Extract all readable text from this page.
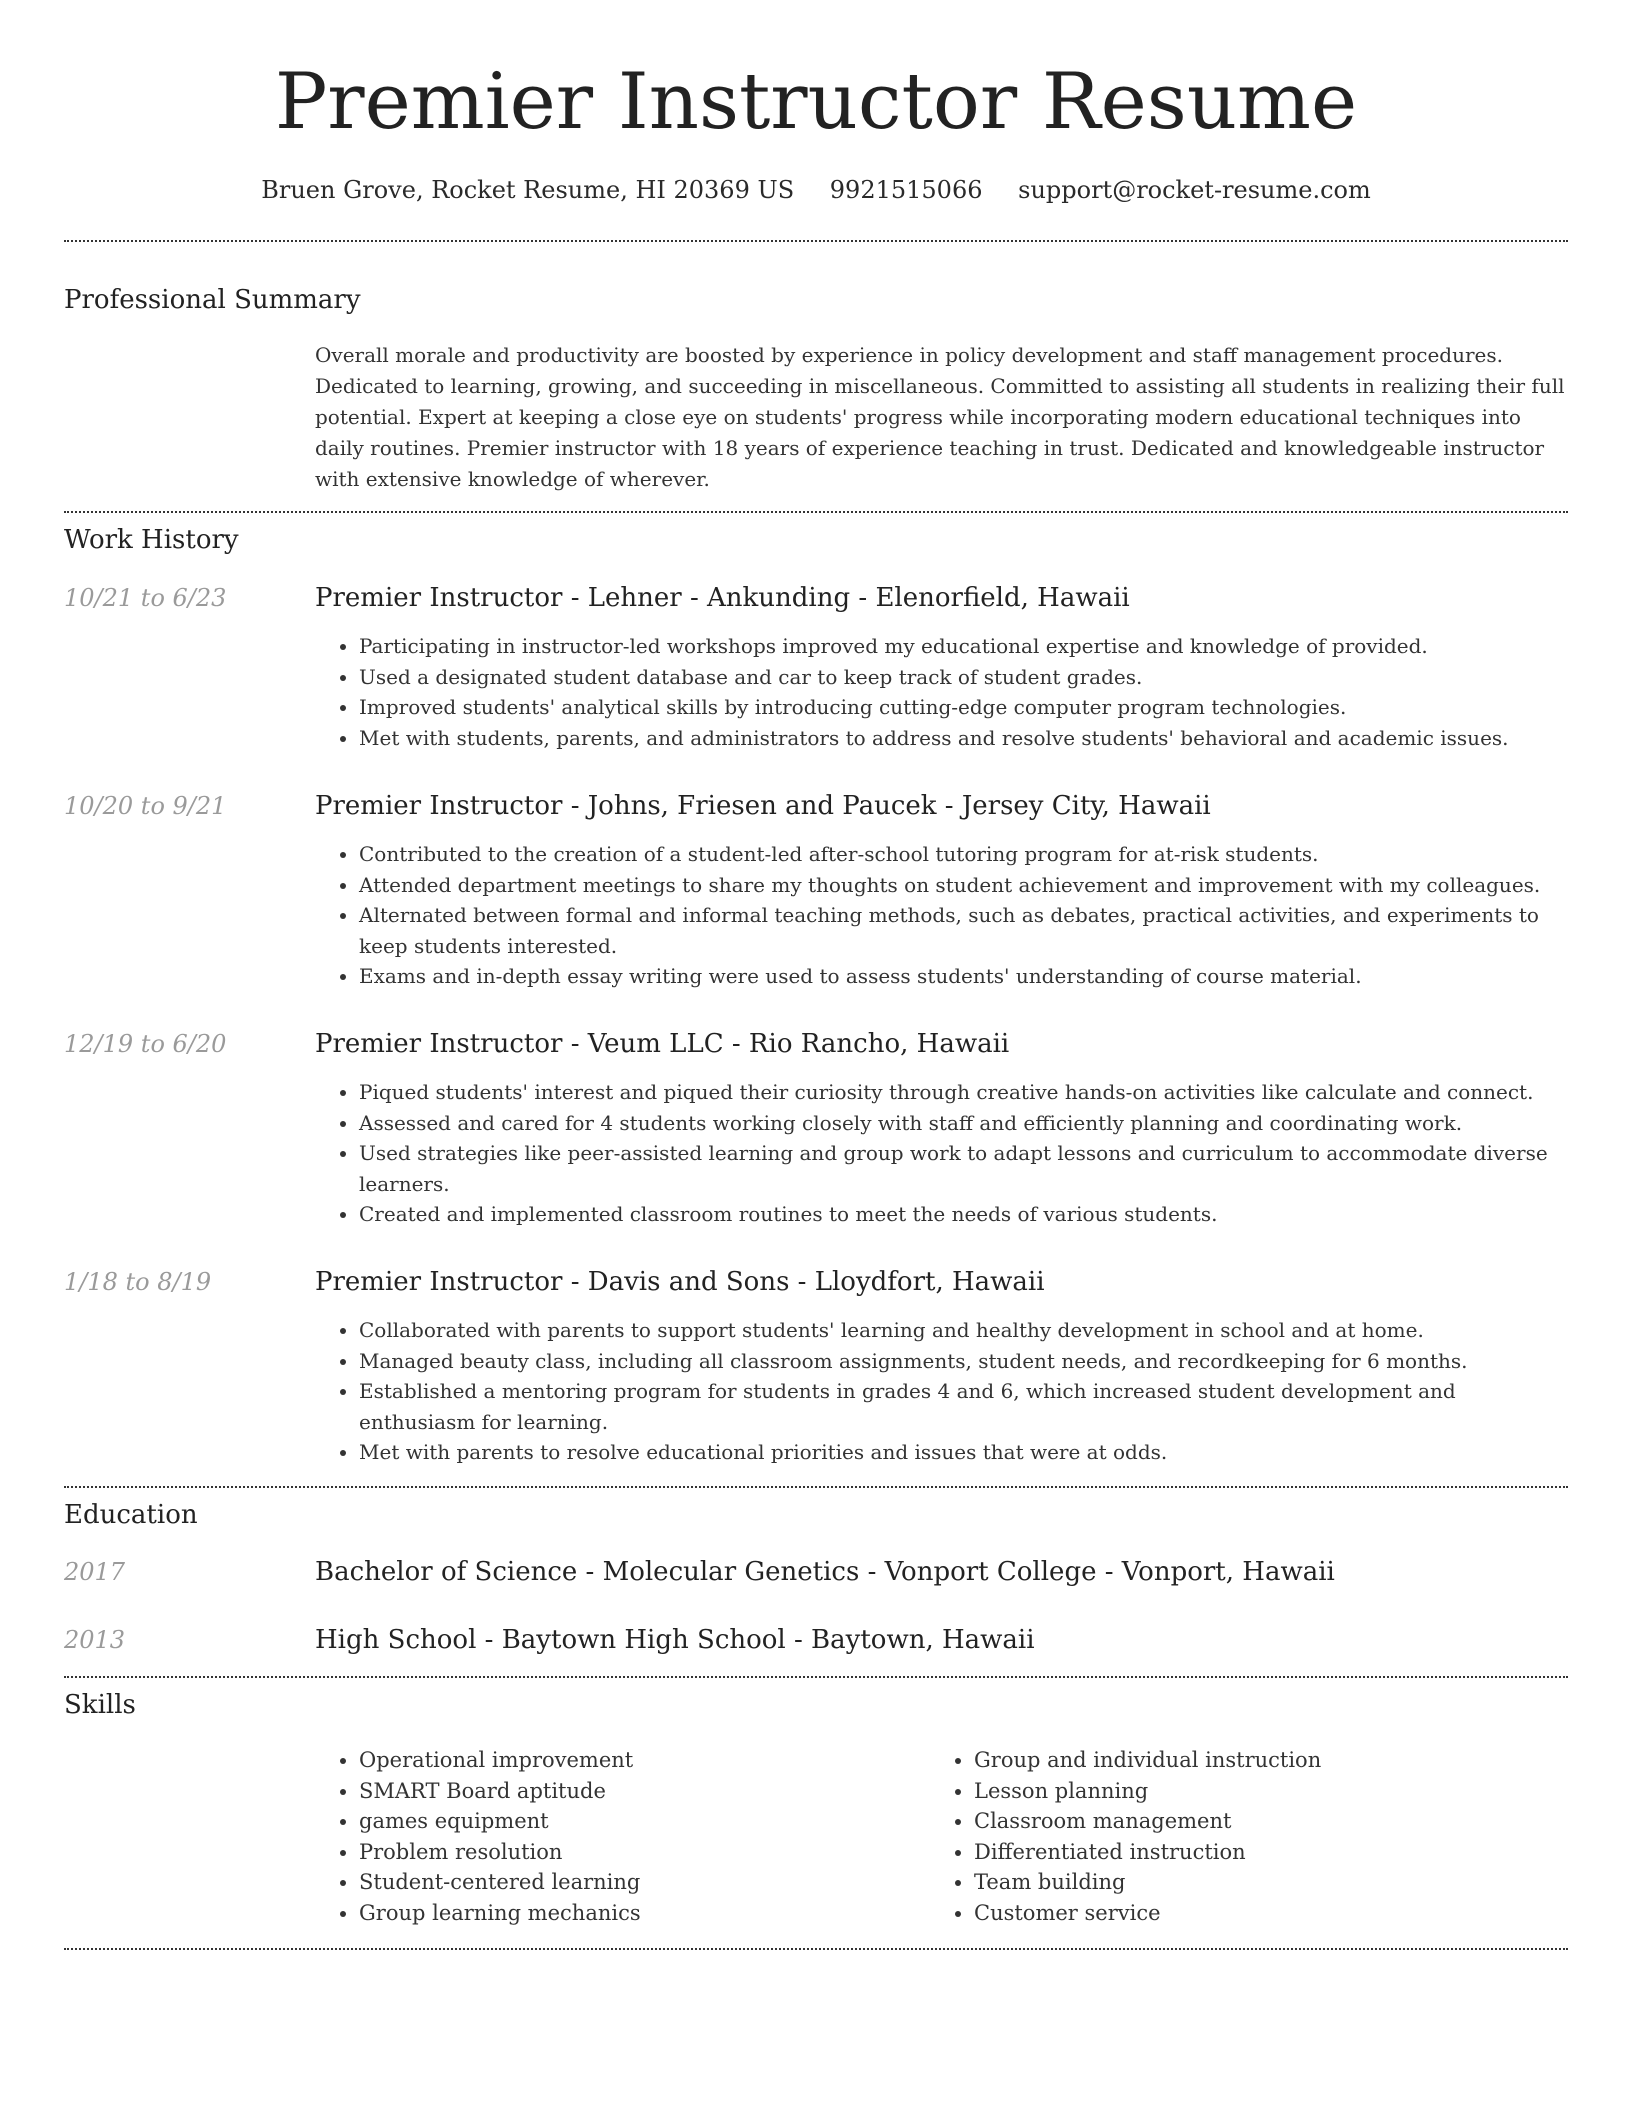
Premier Instructor Resume
Bruen Grove, Rocket Resume, HI 20369 US 9921515066 support@rocket-resume.com
Professional Summary
Overall morale and productivity are boosted by experience in policy development and staff management procedures. Dedicated to learning, growing, and succeeding in miscellaneous. Committed to assisting all students in realizing their full potential. Expert at keeping a close eye on students' progress while incorporating modern educational techniques into daily routines. Premier instructor with 18 years of experience teaching in trust. Dedicated and knowledgeable instructor with extensive knowledge of wherever.
Work History
10/21 to 6/23	Premier Instructor - Lehner - Ankunding - Elenorfield, Hawaii
• Participating in instructor-led workshops improved my educational expertise and knowledge of provided.
• Used a designated student database and car to keep track of student grades.
• Improved students' analytical skills by introducing cutting-edge computer program technologies.
• Met with students, parents, and administrators to address and resolve students' behavioral and academic issues.
10/20 to 9/21	Premier Instructor - Johns, Friesen and Paucek - Jersey City, Hawaii
• Contributed to the creation of a student-led after-school tutoring program for at-risk students.
• Attended department meetings to share my thoughts on student achievement and improvement with my colleagues.
• Alternated between formal and informal teaching methods, such as debates, practical activities, and experiments to keep students interested.
• Exams and in-depth essay writing were used to assess students' understanding of course material.
12/19 to 6/20	Premier Instructor - Veum LLC - Rio Rancho, Hawaii
• Piqued students' interest and piqued their curiosity through creative hands-on activities like calculate and connect.
• Assessed and cared for 4 students working closely with staff and efficiently planning and coordinating work.
• Used strategies like peer-assisted learning and group work to adapt lessons and curriculum to accommodate diverse learners.
• Created and implemented classroom routines to meet the needs of various students.
1/18 to 8/19	Premier Instructor - Davis and Sons - Lloydfort, Hawaii
• Collaborated with parents to support students' learning and healthy development in school and at home.
• Managed beauty class, including all classroom assignments, student needs, and recordkeeping for 6 months.
• Established a mentoring program for students in grades 4 and 6, which increased student development and enthusiasm for learning.
• Met with parents to resolve educational priorities and issues that were at odds.
Education
2017	Bachelor of Science - Molecular Genetics - Vonport College - Vonport, Hawaii
2013	High School - Baytown High School - Baytown, Hawaii
Skills
• Operational improvement
• SMART Board aptitude
• games equipment
• Problem resolution
• Student-centered learning
• Group learning mechanics
• Group and individual instruction
• Lesson planning
• Classroom management
• Differentiated instruction
• Team building
• Customer service
